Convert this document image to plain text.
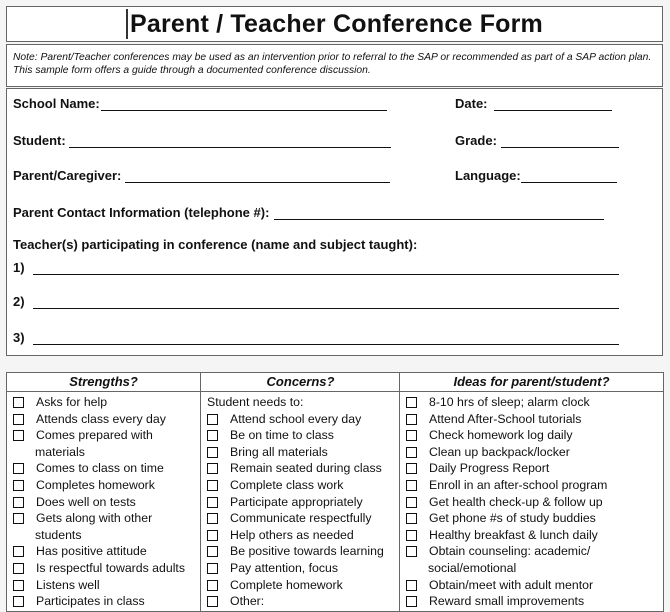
Parent / Teacher Conference Form
Note: Parent/Teacher conferences may be used as an intervention prior to referral to the SAP or recommended as part of a SAP action plan. This sample form offers a guide through a documented conference discussion.
School Name:	Date:
Student:	Grade:
Parent/Caregiver:	Language:
Parent Contact Information (telephone #):
Teacher(s) participating in conference (name and subject taught):
1)
2)
3)
Strengths?
Asks for help
Attends class every day
Comes prepared with
materials
Comes to class on time
Completes homework
Does well on tests
Gets along with other
students
Has positive attitude
Is respectful towards adults
Listens well
Participates in class
Concerns?
Student needs to:
Attend school every day
Be on time to class
Bring all materials
Remain seated during class
Complete class work
Participate appropriately
Communicate respectfully
Help others as needed
Be positive towards learning
Pay attention, focus
Complete homework
Other:
Ideas for parent/student?
8-10 hrs of sleep; alarm clock
Attend After-School tutorials
Check homework log daily
Clean up backpack/locker
Daily Progress Report
Enroll in an after-school program
Get health check-up & follow up
Get phone #s of study buddies
Healthy breakfast & lunch daily
Obtain counseling: academic/
social/emotional
Obtain/meet with adult mentor
Reward small improvements
